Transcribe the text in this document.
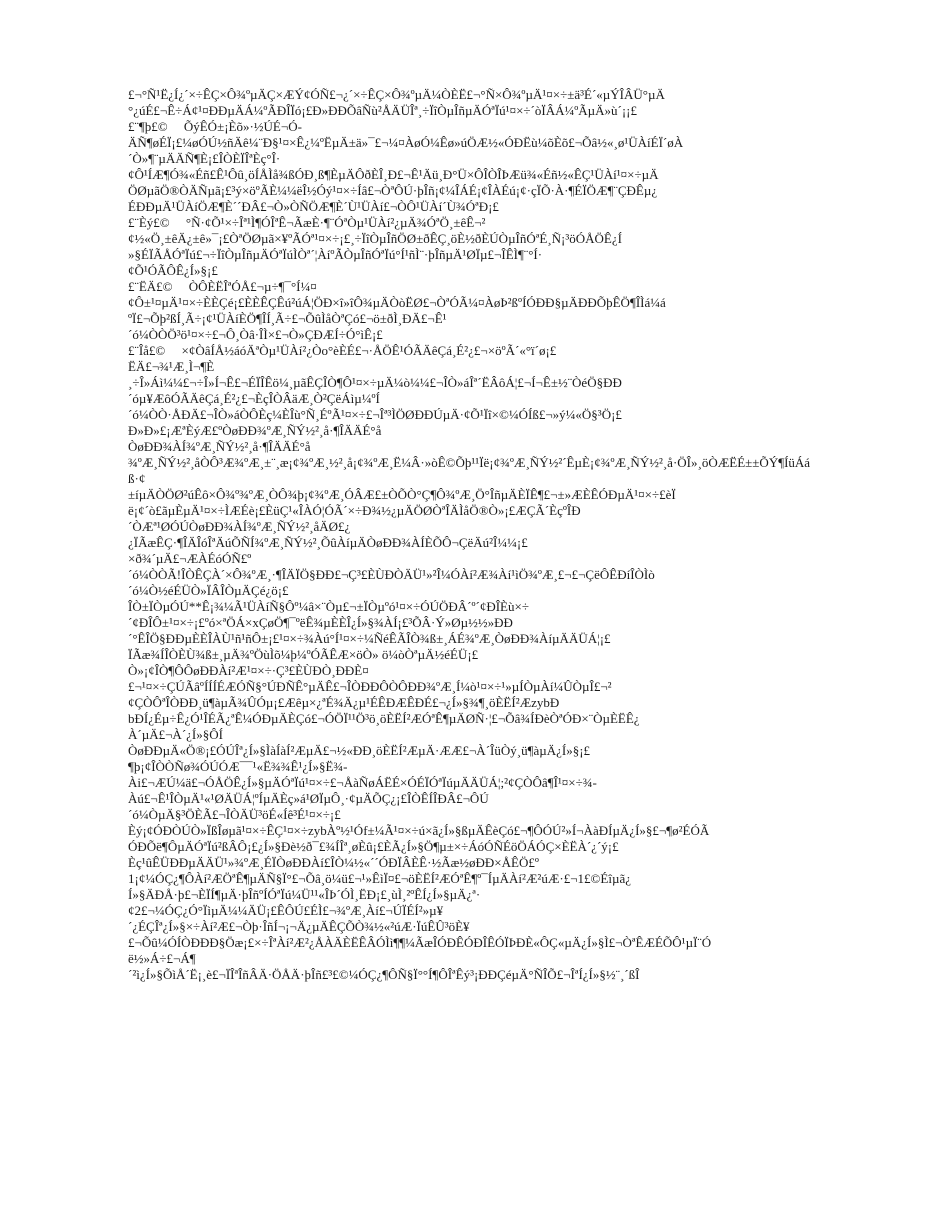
£¬°Ñ¹Ë¿Í¿´×÷ÊÇ×Ô¾ºµÄÇ×ÆÝ¢ÓÑ£¬¿´×÷ÊÇ×Ô¾ºµÄ¼ÒÈË£¬°Ñ×Ô¾ºµÄ¹¤×÷±ä³É´«µÝÎÂÜ°µÄ
°¿úÉ£¬Ê÷Á¢¹¤ÐÐµÄÁ¼ºÃÐÎÏó¡£Ð»ÐÐÕâÑù²ÅÄÜÎª¸÷ÏîÒµÎñµÄÓªÏú¹¤×÷´òÏÂÁ¼ºÃµÄ»ù´¡¡£
£¨¶þ£©     ÕýÊÓ±¡Èõ»·½ÚÉ¬Ó-
ÄÑ¶øÉÏ¡£¼øÓÚ½ñÄê¼¨Ð§¹¤×Ê¿¼ºËµÄ±ä»¯£¬¼¤ÀøÓ¼Êø»úÖÆ½«ÓÐËù¼õÈõ£¬Õâ½«¸ø¹ÜÀíÉÏ´øÀ
´Ò»¶¨µÄÄÑ¶È¡£ÎÒÈÏÎªÈç°Î·
¢Ô¹ÍÆ¶Ó¾«Éñ£Ê¹Ôû¸öÍÅÌå¾ßÓÐ¸ß¶ÈµÄÔðÈÎ¸Ð£¬Ê¹Äü¸Ð°Ü×ÔÎÒÎÞÆü¾«Éñ½«ÊÇ¹ÜÀí¹¤×÷µÄ
ÖØµãÖ®ÒÄÑµã¡£³ý×öºÃÈ¼¼ëÎ½Óý¹¤×÷Íâ£¬ÒªÔÚ·þÎñ¡¢¼ÎÁÉ¡¢ÎÀÉú¡¢·çÏÕ·À·¶ÉÏÖÆ¶¨ÇÐÊµ¿
ÉÐÐµÄ¹ÜÀíÖÆ¶È´´ÐÂ£¬Ò»ÒÑÖÆ¶È´Ù¹ÜÀí£¬ÒÔ¹ÜÀí´Ù¾ÓªÐ¡£
£¨Èý£©     °Ñ·¢Õ¹×÷Îª¹Ì¶ÓÎªÊ¬ÃæÈ·¶¨ÓªÒµ¹ÜÀí²¿µÄ¾ÓªÖ¸±êÊ¬²
¢½«Ö¸±êÄ¿±ê»¯¡£ÒªÖØµã×¥ºÃÓª¹¤×÷¡£¸÷ÏîÒµÎñÖØ±ðÊÇ¸öÈ½ðÈÚÒµÎñÓªÉ¸Ñ¡³öÓÅÖÊ¿Í
»§ÉÏÃÅÓªÏú£¬÷ÏîÒµÎñµÄÓªÏúÌÒª´¦ÀíºÃÒµÎñÓªÏú°Í¹ñÌ¨·þÎñµÄ¹ØÏµ£¬ÎÊÌ¶¨°Í·
¢Õ¹ÓÃÔÊ¿Í»§¡£
£¨ËÄ£©     ÒÔÈËÎªÓÅ£¬µ÷¶¯°Í¼¤
¢Ô±¹¤µÄ¹¤×÷ÈÈÇé¡£ÈÈÊÇÊú²úÁ¦ÖÐ×î»îÔ¾µÄÒòËØ£¬ÒªÓÃ¼¤ÀøÞ²ßºÍÓÐÐ§µÄÐÐÕþÊÖ¶ÎÌá¼á
ºÏ£¬Õþ²ßÍ¸Ã÷¡¢¹ÜÀíÈÖ¶ÎÍ¸Ã÷£¬ÕûÌåÒªÇó£¬ö±ðÌ¸ÐÄ£¬Ê¹
´ó¼ÒÒÖ³ö¹¤×÷£¬Ô¸Òâ·ÎÌ×£¬Ò»ÇÐÆÍ÷Ó°ìÊ¡£
£¨Îå£©     ×¢ÒâÍÅ½áóÄªÒµ¹ÜÀí²¿Òo°èÈÉ£¬·ÅÖÊ¹ÓÃÄêÇá¸É²¿£¬×öºÃ´«°ï´ø¡£
ËÄ£¬¾¹Æ¸Ì¬¶È
¸÷Î»Áì¼¼£¬÷Î»Í¬Ê£¬ÉÏÎÊö¼¸µãÊÇÎÒ¶Ô¹¤×÷µÄ¼ò¼¼£¬ÎÒ»áÎª´ËÂôÁ¦£¬Í¬Ê±½¨ÒéÖ§ÐÐ
´óµ¥ÆôÓÃÄêÇá¸É²¿£¬ÈçÎÒÂäÆ¸Ò²ÇëÁìµ¼ºÍ
´ó¼ÒÒ·ÅÐÄ£¬ÎÒ»áÒÔÈç¼ÈÎù°Ñ¸ÉºÃ¹¤×÷£¬Îª³ÌÖØÐÐÚµÄ·¢Õ¹Ïî×©¼ÓÍß£¬»ý¼«Ö§³Ö¡£
Ð»Ð»£¡ÆªÈýÆ£ºÒøÐÐ¾ºÆ¸ÑÝ½²¸å·¶ÎÄÄÉ°å
ÒøÐÐ¾ÀÍ¾ºÆ¸ÑÝ½²¸å·¶ÎÄÄÉ°å
¾ºÆ¸ÑÝ½²¸åÒÔ³Æ¾ºÆ¸±¨¸æ¡¢¾ºÆ¸½²¸å¡¢¾ºÆ¸Ë¼Â·»òÊ©Õþ¹¹Ïë¡¢¾ºÆ¸ÑÝ½²´ÊµÈ¡¢¾ºÆ¸ÑÝ½²¸å·ÖÎ»¸öÒÆËÉ±±ÕÝ¶ÍüÁá
ß·¢
±íµÄÒÖØ²úÊô×Ô¾º¾ºÆ¸ÒÔ¾þ¡¢¾ºÆ¸ÓÂÆ£±ÒÕÒ°Ç¶Ô¾ºÆ¸Ö°ÎñµÄÈÏÊ¶£¬±»ÆÈÊÓÐµÄ¹¤×÷£èÏ
ë¡¢´ò£ãµÈµÄ¹¤×÷ÌÆÉè¡£ÈüÇ¹«ÎÀÓ¦ÓÃ´×÷Ð¾½¿µÄÖØÒªÎÄÌåÖ®Ò»¡£ÆÇÃ´ÈçºÎÐ
´ÒÆª¹ØÓÚÒøÐÐ¾ÀÍ¾ºÆ¸ÑÝ½²¸åÄØ£¿
¿ÏÃæÊÇ·¶ÎÄÎóÎªÄúÕÑÍ¾ºÆ¸ÑÝ½²¸ÕûÀíµÄÒøÐÐ¾ÀÍÈÕÔ¬ÇëÄú²Î¼¼¡£
×ð¾´µÄ£¬ÆÀÉóÓÑ£º
´ó¼ÒÒÃ!ÎÒÊÇÀ´×Ô¾ºÆ¸·¶ÎÄÏÖ§ÐÐ£¬Ç³£ÈÙÐÒÄÜ¹»²Î¼ÓÀí²Æ¾Àí¹ìÖ¾ºÆ¸£¬£¬ÇëÔÊÐíÎÒÌò
´ó¼Ò½éÉÜÒ»ÏÂÎÒµÄÇé¿ö¡£
ÎÒ±ÏÒµÓÚ**Ê¡¾¼Ã¹ÜÀíÑ§Ôº¼â×¨Òµ£¬±ÏÒµºó¹¤×÷ÓÚÖÐÂ´º´¢ÐÎÈù×÷
´¢ÐÎÔ±¹¤×÷¡£ºó×ªÖÁ×xÇøÖ¶¯ºëÊ¾µÈÈÎ¿Í»§¾ÀÍ¡£³ÕÂ·Ý»Øµ½½»ÐÐ
´°ÊÎÖ§ÐÐµÈÈÎÀÙ¹ñ¹ñÔ±¡£¹¤×÷¾Àú°Í¹¤×÷¼ÑéÊÃÎÒ¾ß±¸ÁÉ¾ºÆ¸ÒøÐÐ¾ÀíµÄÄÜÁ¦¡£
ÏÃæ¾ÍÎÒÈÙ¾ß±¸µÄ¾ºÖùÌõ¼þ¼ºÓÃÊÆ×öÒ» ö¼òÒªµÄ½éÉÜ¡£
Ò»¡¢ÎÒ¶ÔÔøÐÐÀí²Æ¹¤×÷·Ç³£ÈÙÐÒ¸ÐÐÈ¤
£¬¹¤×÷ÇÚÃâºÍÍÍÉÆÓÑ§°ÚÐÑÊ°µÄÊ£¬ÎÒÐÐÔÒÔÐÐ¾ºÆ¸Í¼ò¹¤×÷¹»µÍÒµÀí¼ÛÒµÎ£¬²
¢ÇÒÔªÎÒÐÐ¸ü¶àµÃ¾ÛÓµ¡£Æêµ×¿ªÉ¾Ä¿µ¹ÉÊÐÆÊÐÉ£¬¿Í»§¾¶¸öÈËÍ²ÆzybÐ
bÐÍ¿Éµ÷Ê¿Ó¹ÎÉÃ¿ªÊ¼ÓÐµÄÈÇó£¬ÓÖÏ¹¹Ö³ö¸öÈËÍ²ÆÓªÊ¶µÄØÑ·¦£¬Õâ¾ÍÐèÒªÓÐ×¨ÒµÈËÊ¿
À´µÄ£¬À´¿Í»§ÔÍ
ÒøÐÐµÄ«Ö®¡£ÓÚÎª¿Í»§ÌàÍàÍ²ÆµÄ£¬½«ÐÐ¸öÈËÍ²ÆµÄ·ÆÆ£¬À´ÎüÒý¸ü¶àµÄ¿Í»§¡£
¶þ¡¢ÎÒÒÑø¾ÓÚÓÆ¯¯¹«Ë¾¾Ê¹¿Í»§Ë¾-
Ài£¬ÆÚ¼ä£¬ÓÅÖÊ¿Í»§µÄÓªÏú¹¤×÷£¬ÅàÑøÁËÉ×ÓÉÏÓªÏúµÄÄÜÁ¦;²¢ÇÒÔâ¶Î¹¤×÷¾-
Àú£¬Ê¹ÎÒµÄ¹«¹ØÄÜÁ¦ºÍµÄÈç»á¹ØÏµÔ¸·¢µÄÕÇ¿¡£ÎÒÊÍÎÐÂ£¬ÔÚ
´ó¼ÒµÄ§³ÖÈÃ£¬ÎÒÄÜ³öÉ«Íê³É¹¤×÷¡£
Èý¡¢ÓÐÒÚÒ»ÏßÎøµã¹¤×÷ÊÇ¹¤×÷zybÀº½¹Óf±¼Ã¹¤×÷ú×ã¿Í»§ßµÄÊèÇó£¬¶ÔÓÚ²»Í¬ÀàÐÍµÄ¿Í»§£¬¶ø²ÉÓÃ
ÓÐÕë¶ÔµÄÓªÏú²ßÂÔ¡£¿Í»§Ðè½ð¯£¾ÍÎª¸øÈû¡£ÈÃ¿Í»§Ö¶µ±×÷ÁóÓÑÉöÖÁÓÇ×ÈËÀ´¿´ý¡£
Èç¹ûÊÜÐÐµÄÄÜ¹»¾ºÆ¸ÉÏÒøÐÐÀí£ÎÒ¼½«´´ÓÐÏÂÈÊ·½Ãæ½øÐÐ×ÅÊÖ£º
1¡¢¼ÓÇ¿¶ÔÀí²ÆÖªÊ¶µÄÑ§Ï°£¬Õâ¸ö¼ü£¬¹»ÊìÏ¤£¬öÈËÍ²ÆÓªÊ¶º¯ÍµÄÀí²Æ²úÆ·£¬1£©Éîµã¿
Í»§ÄÐÅ·þ£¬ÈÏÍ¶µÄ·þÎñºÍÓªÏú¼Ü¹¹«ÎÞ´ÓÌ¸ËÐ¡£¸ùÌ¸²ºÊÍ¿Í»§µÄ¿ª·
¢2£¬¼ÓÇ¿Ó°ÏìµÄ¼¼ÄÜ¡£ÊÔÚ£ÉÌ£¬¾ºÆ¸Àí£¬ÚÏÉÍ²»µ¥
´¿ÉÇÎª¿Í»§×÷Àí²Æ£¬Òþ·ÎñÍ¬¡¬Ä¿µÄÊÇÕÒ¾½«²úÆ·ÏúÊÛ³öÈ¥
£¬Õû¼ÓÍÒÐÐÐ§Öæ¡£×÷ÎªÀí²Æ²¿ÅÀÄÈËÊÂÓÌì¶¶¼ÃæÎÓÐÊÓÐÎÊÓÏÞÐÈ«ÔÇ«µÄ¿Í»§Ì£¬ÒªÊÆÉÕÔ¹µÏ¨Ó
ë½»Á÷£¬Á¶
´²ì¿Í»§ÕìÅ´Ë¡¸è£¬ÏÎªÎñÂÄ·ÖÅÄ·þÎñ£³£©¼ÓÇ¿¶ÔÑ§Ï°°Í¶ÔÎªÊý³¡ÐÐÇéµÄ°ÑÎÕ£¬ÎªÍ¿Í»§½¨¸´ßÎ
